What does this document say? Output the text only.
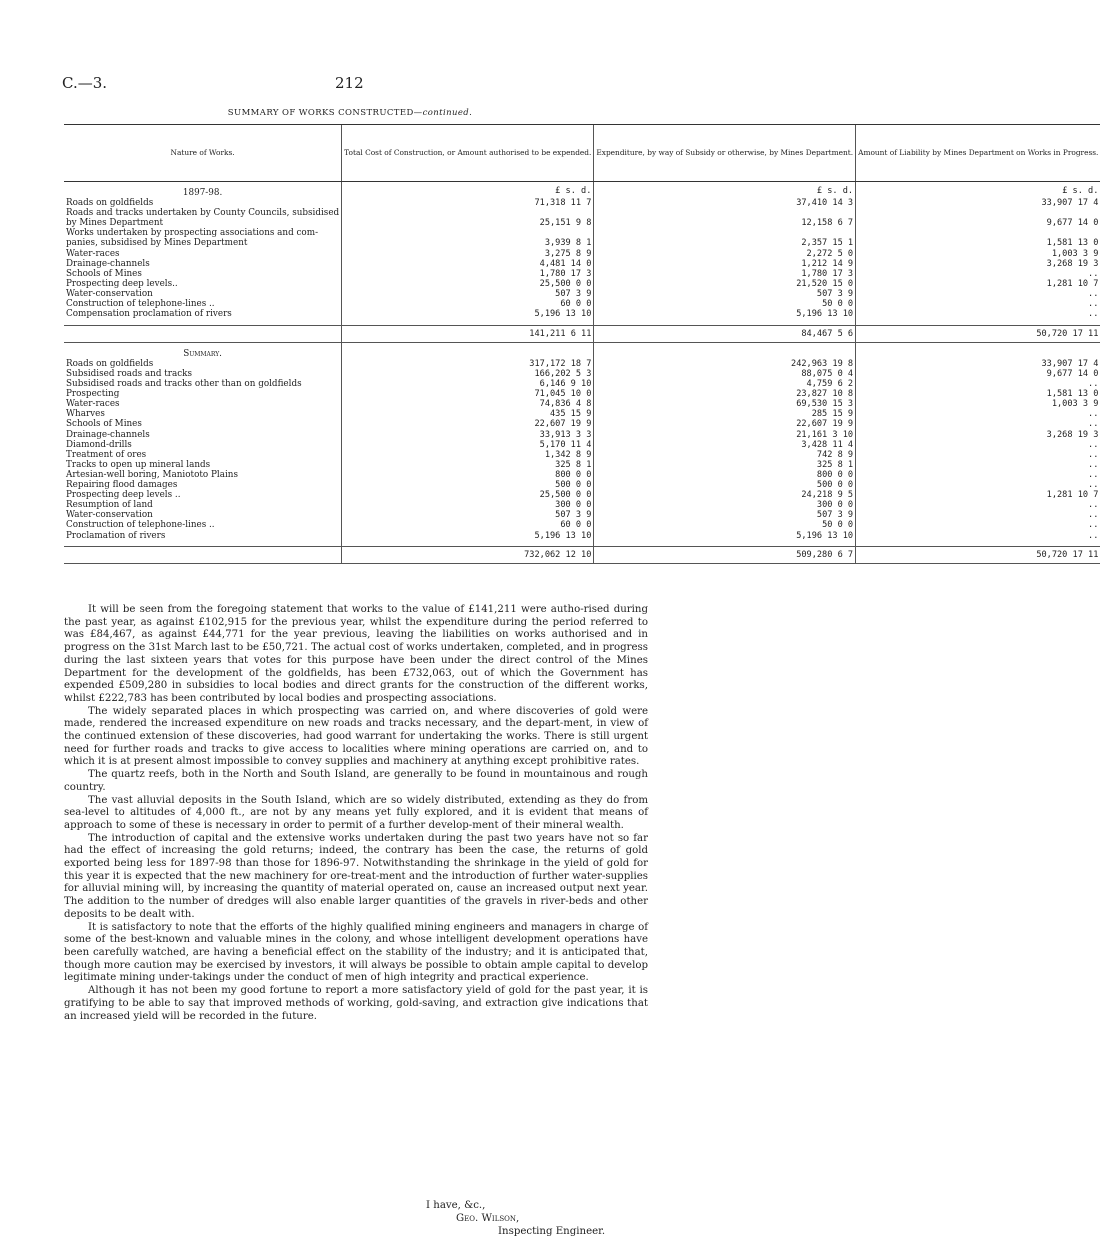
C.—3.	212
SUMMARY OF WORKS CONSTRUCTED—continued.
Nature of Works.	Total Cost of Construction, or Amount authorised to be expended.	Expenditure, by way of Subsidy or otherwise, by Mines Department.	Amount of Liability by Mines Department on Works in Progress.
1897-98.	£ s. d.	£ s. d.	£ s. d.
Roads on goldfields	71,318 11 7	37,410 14 3	33,907 17 4
Roads and tracks undertaken by County Councils, subsidised			
by Mines Department	25,151 9 8	12,158 6 7	9,677 14 0
Works undertaken by prospecting associations and com-			
panies, subsidised by Mines Department	3,939 8 1	2,357 15 1	1,581 13 0
Water-races	3,275 8 9	2,272 5 0	1,003 3 9
Drainage-channels	4,481 14 0	1,212 14 9	3,268 19 3
Schools of Mines	1,780 17 3	1,780 17 3	..
Prospecting deep levels..	25,500 0 0	21,520 15 0	1,281 10 7
Water-conservation	507 3 9	507 3 9	..
Construction of telephone-lines ..	60 0 0	50 0 0	..
Compensation proclamation of rivers	5,196 13 10	5,196 13 10	..

	141,211 6 11	84,467 5 6	50,720 17 11
Summary.			
Roads on goldfields	317,172 18 7	242,963 19 8	33,907 17 4
Subsidised roads and tracks	166,202 5 3	88,075 0 4	9,677 14 0
Subsidised roads and tracks other than on goldfields	6,146 9 10	4,759 6 2	..
Prospecting	71,045 10 0	23,827 10 8	1,581 13 0
Water-races	74,836 4 8	69,530 15 3	1,003 3 9
Wharves	435 15 9	285 15 9	..
Schools of Mines	22,607 19 9	22,607 19 9	..
Drainage-channels	33,913 3 3	21,161 3 10	3,268 19 3
Diamond-drills	5,170 11 4	3,428 11 4	..
Treatment of ores	1,342 8 9	742 8 9	..
Tracks to open up mineral lands	325 8 1	325 8 1	..
Artesian-well boring, Maniototo Plains	800 0 0	800 0 0	..
Repairing flood damages	500 0 0	500 0 0	..
Prospecting deep levels ..	25,500 0 0	24,218 9 5	1,281 10 7
Resumption of land	300 0 0	300 0 0	..
Water-conservation	507 3 9	507 3 9	..
Construction of telephone-lines ..	60 0 0	50 0 0	..
Proclamation of rivers	5,196 13 10	5,196 13 10	..

	732,062 12 10	509,280 6 7	50,720 17 11

It will be seen from the foregoing statement that works to the value of £141,211 were autho-rised during the past year, as against £102,915 for the previous year, whilst the expenditure during the period referred to was £84,467, as against £44,771 for the year previous, leaving the liabilities on works authorised and in progress on the 31st March last to be £50,721. The actual cost of works undertaken, completed, and in progress during the last sixteen years that votes for this purpose have been under the direct control of the Mines Department for the development of the goldfields, has been £732,063, out of which the Government has expended £509,280 in subsidies to local bodies and direct grants for the construction of the different works, whilst £222,783 has been contributed by local bodies and prospecting associations.

The widely separated places in which prospecting was carried on, and where discoveries of gold were made, rendered the increased expenditure on new roads and tracks necessary, and the depart-ment, in view of the continued extension of these discoveries, had good warrant for undertaking the works. There is still urgent need for further roads and tracks to give access to localities where mining operations are carried on, and to which it is at present almost impossible to convey supplies and machinery at anything except prohibitive rates.

The quartz reefs, both in the North and South Island, are generally to be found in mountainous and rough country.

The vast alluvial deposits in the South Island, which are so widely distributed, extending as they do from sea-level to altitudes of 4,000 ft., are not by any means yet fully explored, and it is evident that means of approach to some of these is necessary in order to permit of a further develop-ment of their mineral wealth.

The introduction of capital and the extensive works undertaken during the past two years have not so far had the effect of increasing the gold returns; indeed, the contrary has been the case, the returns of gold exported being less for 1897-98 than those for 1896-97. Notwithstanding the shrinkage in the yield of gold for this year it is expected that the new machinery for ore-treat-ment and the introduction of further water-supplies for alluvial mining will, by increasing the quantity of material operated on, cause an increased output next year. The addition to the number of dredges will also enable larger quantities of the gravels in river-beds and other deposits to be dealt with.

It is satisfactory to note that the efforts of the highly qualified mining engineers and managers in charge of some of the best-known and valuable mines in the colony, and whose intelligent development operations have been carefully watched, are having a beneficial effect on the stability of the industry; and it is anticipated that, though more caution may be exercised by investors, it will always be possible to obtain ample capital to develop legitimate mining under-takings under the conduct of men of high integrity and practical experience.

Although it has not been my good fortune to report a more satisfactory yield of gold for the past year, it is gratifying to be able to say that improved methods of working, gold-saving, and extraction give indications that an increased yield will be recorded in the future.

I have, &c.,
Geo. Wilson,
Inspecting Engineer.
